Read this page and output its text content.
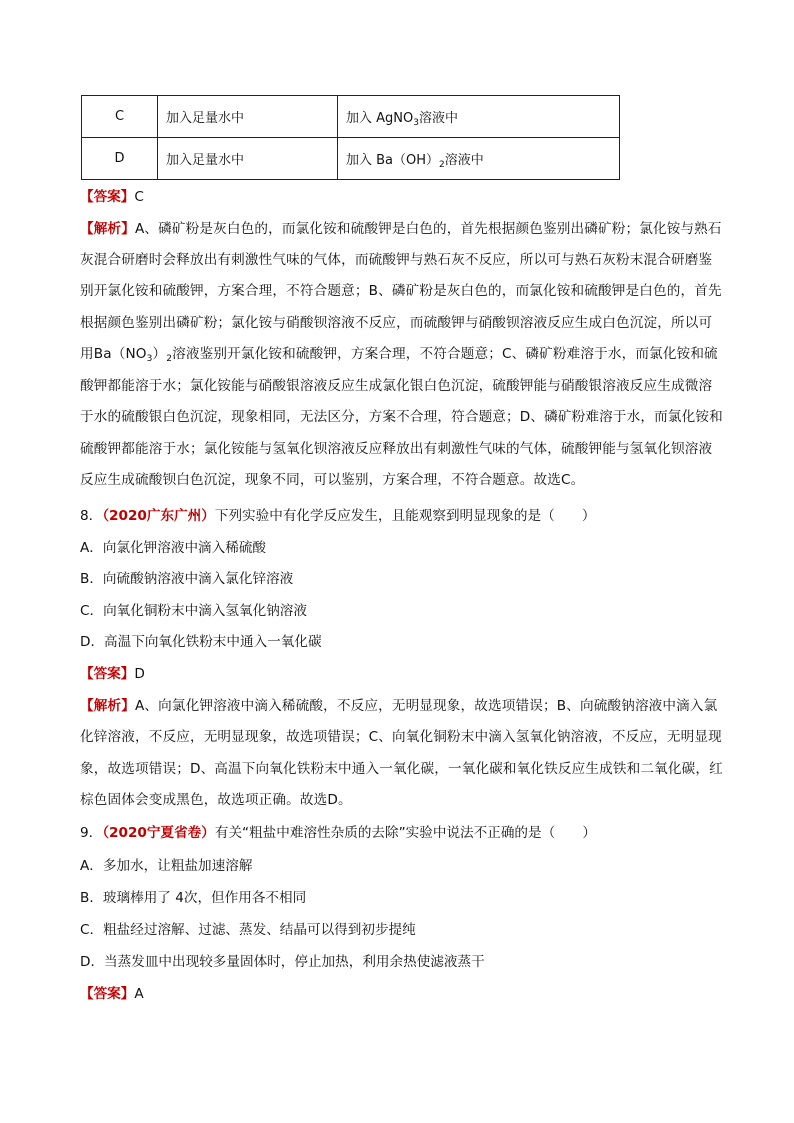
C	加入足量水中	加入 AgNO$_3$溶液中
D	加入足量水中	加入 $Ba(OH)_2$溶液中
【答案】C
【解析】A、磷矿粉是灰白色的，而氯化铵和硫酸钾是白色的，首先根据颜色鉴别出磷矿粉；氯化铵与熟石
灰混合研磨时会释放出有刺激性气味的气体，而硫酸钾与熟石灰不反应，所以可与熟石灰粉末混合研磨鉴
别开氯化铵和硫酸钾，方案合理，不符合题意；B、磷矿粉是灰白色的，而氯化铵和硫酸钾是白色的，首先
根据颜色鉴别出磷矿粉；氯化铵与硝酸钡溶液不反应，而硫酸钾与硝酸钡溶液反应生成白色沉淀，所以可
用$Ba(NO_3)_2$溶液鉴别开氯化铵和硫酸钾，方案合理，不符合题意；C、磷矿粉难溶于水，而氯化铵和硫
酸钾都能溶于水；氯化铵能与硝酸银溶液反应生成氯化银白色沉淀，硫酸钾能与硝酸银溶液反应生成微溶
于水的硫酸银白色沉淀，现象相同，无法区分，方案不合理，符合题意；D、磷矿粉难溶于水，而氯化铵和
硫酸钾都能溶于水；氯化铵能与氢氧化钡溶液反应释放出有刺激性气味的气体，硫酸钾能与氢氧化钡溶液
反应生成硫酸钡白色沉淀，现象不同，可以鉴别，方案合理，不符合题意。故选C。
8．（2020广东广州）下列实验中有化学反应发生，且能观察到明显现象的是（　　）
A．向氯化钾溶液中滴入稀硫酸
B．向硫酸钠溶液中滴入氯化锌溶液
C．向氧化铜粉末中滴入氢氧化钠溶液
D．高温下向氧化铁粉末中通入一氧化碳
【答案】D
【解析】A、向氯化钾溶液中滴入稀硫酸，不反应，无明显现象，故选项错误；B、向硫酸钠溶液中滴入氯
化锌溶液，不反应，无明显现象，故选项错误；C、向氧化铜粉末中滴入氢氧化钠溶液，不反应，无明显现
象，故选项错误；D、高温下向氧化铁粉末中通入一氧化碳，一氧化碳和氧化铁反应生成铁和二氧化碳，红
棕色固体会变成黑色，故选项正确。故选D。
9．（2020宁夏省卷）有关“粗盐中难溶性杂质的去除”实验中说法不正确的是（　　）
A．多加水，让粗盐加速溶解
B．玻璃棒用了 4次，但作用各不相同
C．粗盐经过溶解、过滤、蒸发、结晶可以得到初步提纯
D．当蒸发皿中出现较多量固体时，停止加热，利用余热使滤液蒸干
【答案】A
